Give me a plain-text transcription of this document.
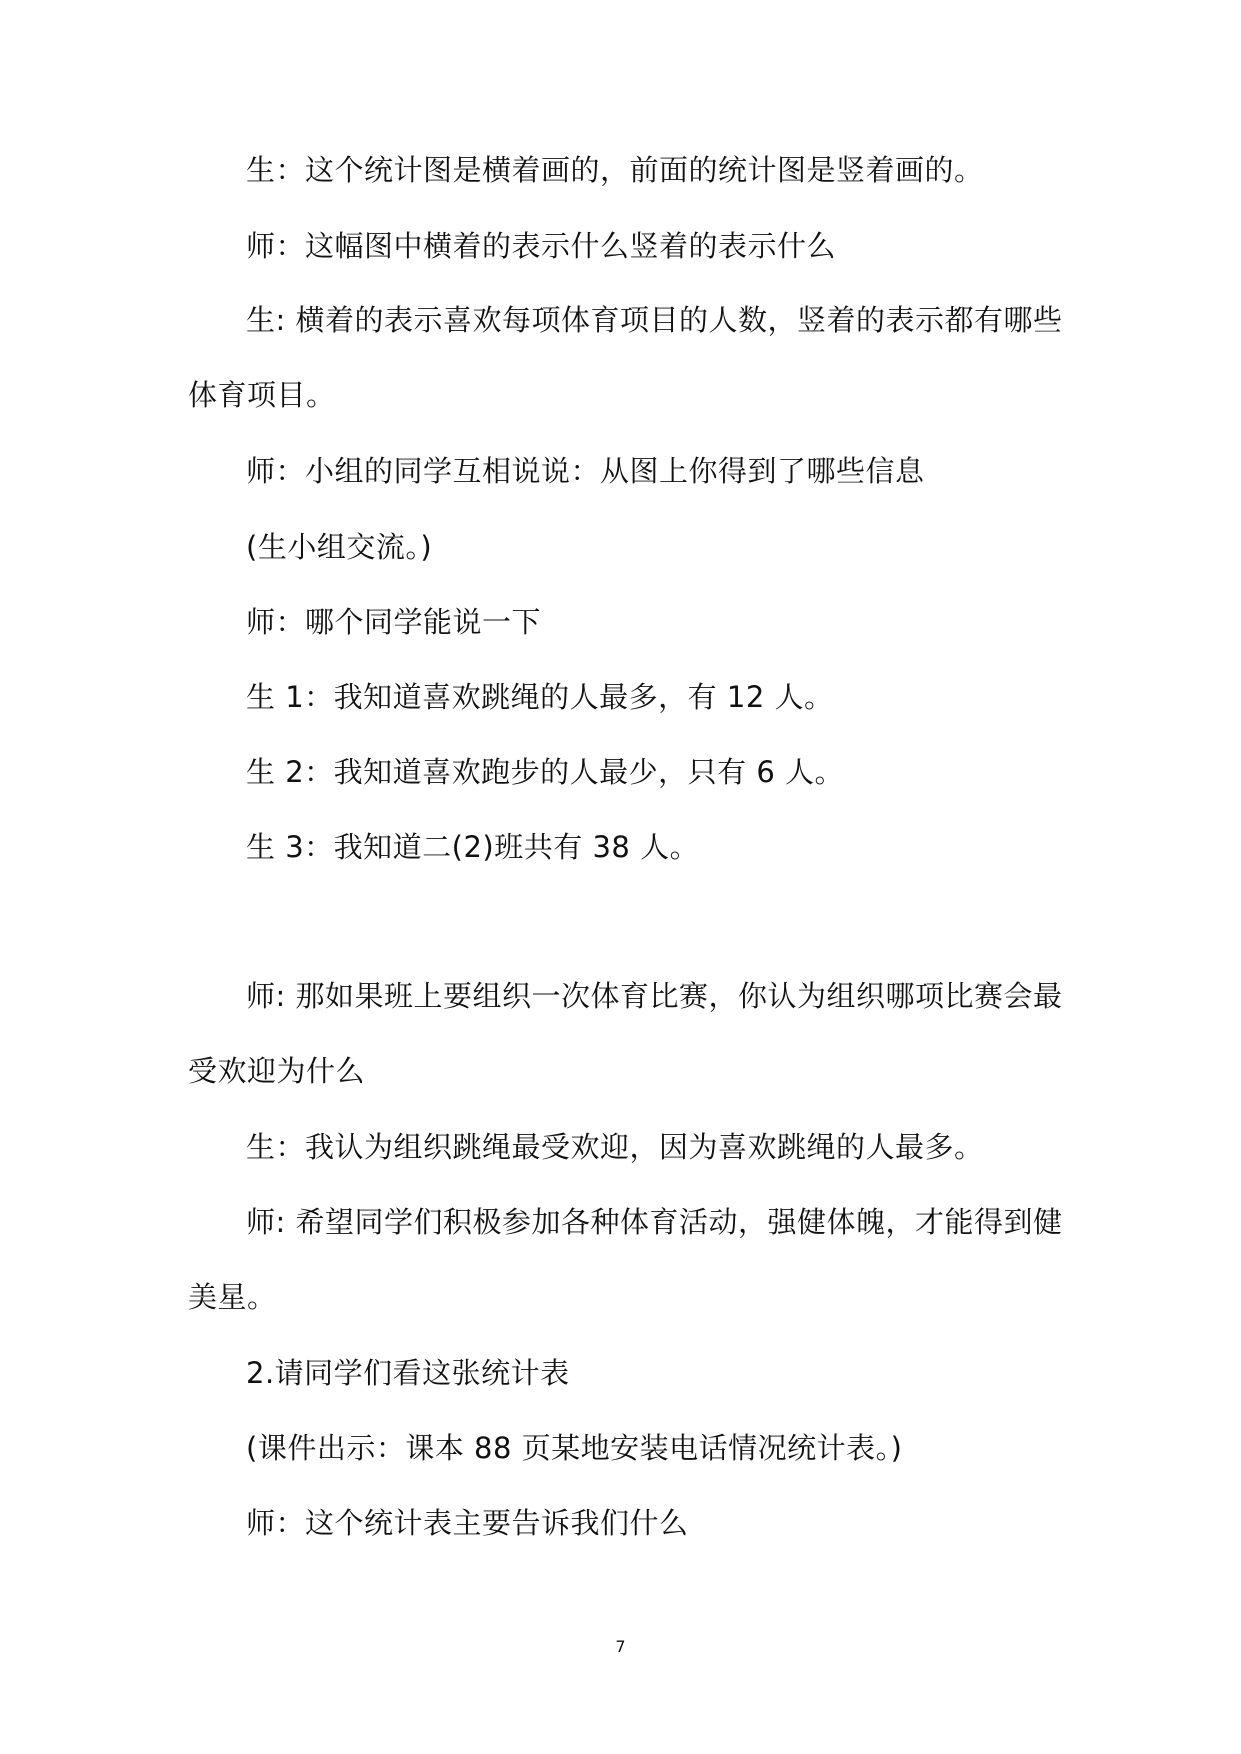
生：这个统计图是横着画的，前面的统计图是竖着画的。
师：这幅图中横着的表示什么竖着的表示什么
生: 横着的表示喜欢每项体育项目的人数，竖着的表示都有哪些
体育项目。
师：小组的同学互相说说：从图上你得到了哪些信息
(生小组交流。)
师：哪个同学能说一下
生 1：我知道喜欢跳绳的人最多，有 12 人。
生 2：我知道喜欢跑步的人最少，只有 6 人。
生 3：我知道二(2)班共有 38 人。
师: 那如果班上要组织一次体育比赛，你认为组织哪项比赛会最
受欢迎为什么
生：我认为组织跳绳最受欢迎，因为喜欢跳绳的人最多。
师: 希望同学们积极参加各种体育活动，强健体魄，才能得到健
美星。
2.请同学们看这张统计表
(课件出示：课本 88 页某地安装电话情况统计表。)
师：这个统计表主要告诉我们什么
7
